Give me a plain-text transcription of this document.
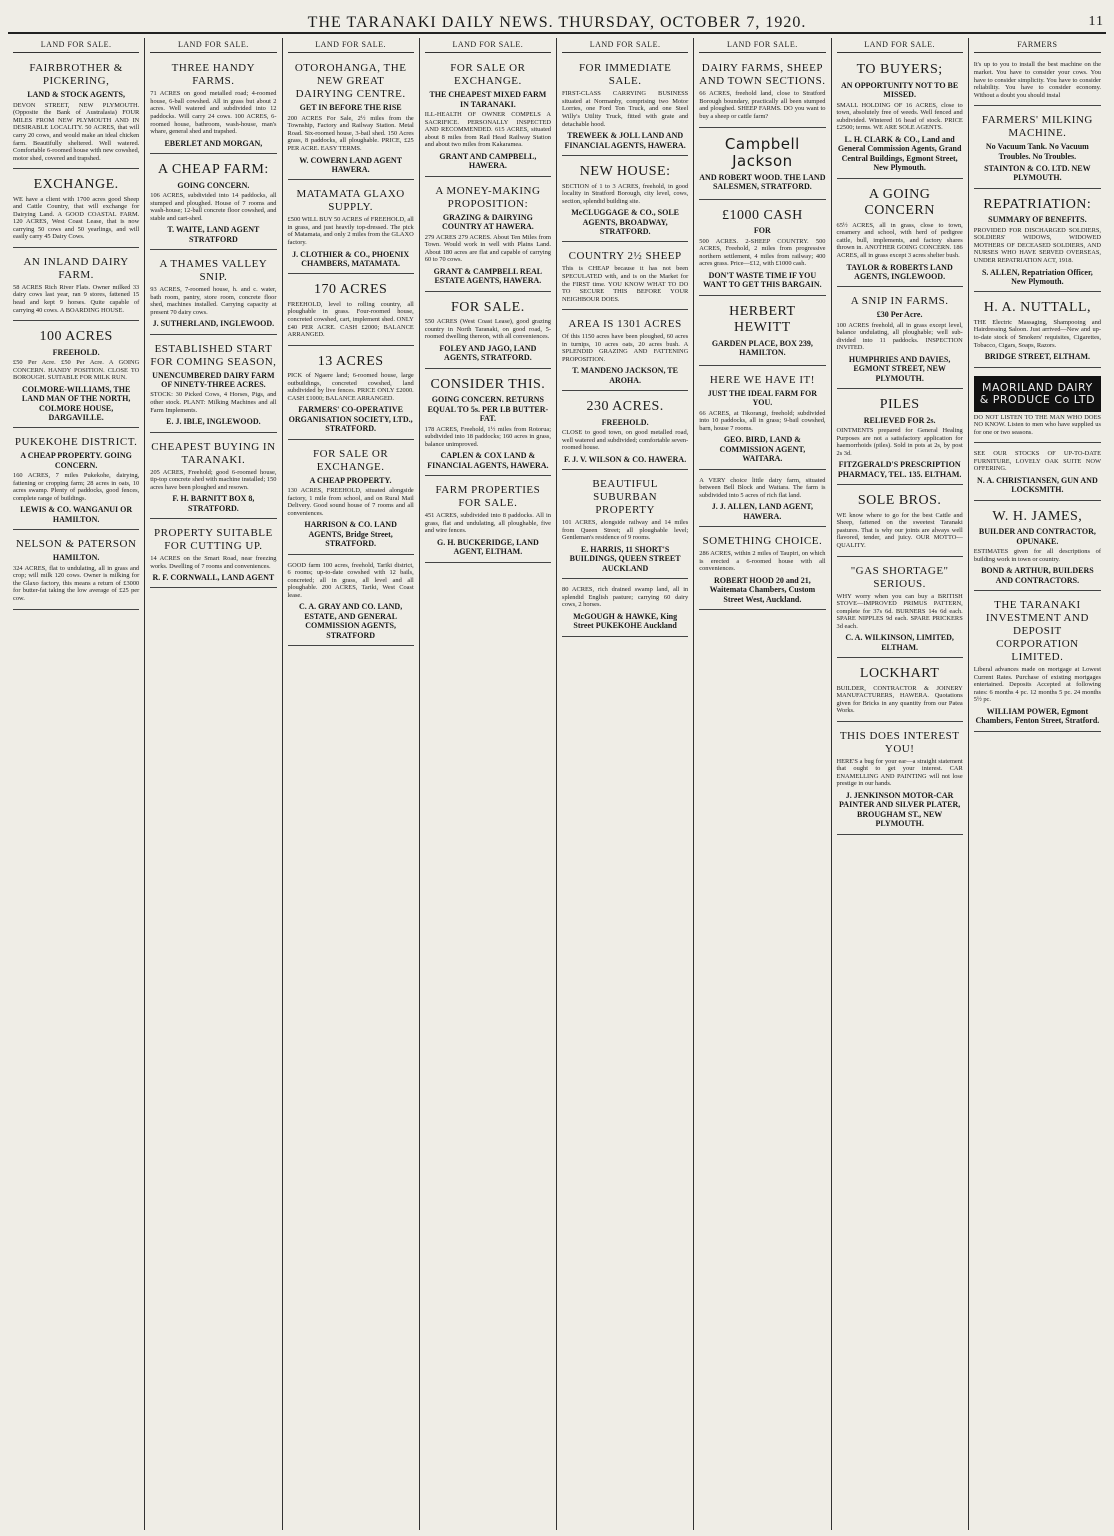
THE TARANAKI DAILY NEWS. THURSDAY, OCTOBER 7, 1920.	11
LAND FOR SALE.
FAIRBROTHER & PICKERING,
LAND & STOCK AGENTS,

DEVON STREET, NEW PLYMOUTH. (Opposite the Bank of Australasia) FOUR MILES FROM NEW PLYMOUTH AND IN DESIRABLE LOCALITY. 50 ACRES, that will carry 20 cows, and would make an ideal chicken farm. Beautifully sheltered. Well watered. Comfortable 6-roomed house with new cowshed, motor shed, covered and trapshed.

EXCHANGE.

WE have a client with 1700 acres good Sheep and Cattle Country, that will exchange for Dairying Land. A GOOD COASTAL FARM. 120 ACRES, West Coast Lease, that is now carrying 50 cows and 50 yearlings, and will easily carry 45 Dairy Cows.

AN INLAND DAIRY FARM.

58 ACRES Rich River Flats. Owner milked 33 dairy cows last year, ran 9 stores, fattened 15 head and kept 9 horses. Quite capable of carrying 40 cows. A BOARDING HOUSE.

100 ACRES
FREEHOLD.

£50 Per Acre. £50 Per Acre. A GOING CONCERN. HANDY POSITION. CLOSE TO BOROUGH. SUITABLE FOR MILK RUN.

COLMORE-WILLIAMS, THE LAND MAN OF THE NORTH, COLMORE HOUSE, DARGAVILLE.
PUKEKOHE DISTRICT.
A CHEAP PROPERTY. GOING CONCERN.

160 ACRES, 7 miles Pukekohe, dairying, fattening or cropping farm; 28 acres in oats, 10 acres swamp. Plenty of paddocks, good fences, complete range of buildings.

LEWIS & CO. WANGANUI OR HAMILTON.
NELSON & PATERSON
HAMILTON.

324 ACRES, flat to undulating, all in grass and crop; will milk 120 cows. Owner is milking for the Glaxo factory, this means a return of £3000 for butter-fat taking the low average of £25 per cow.

LAND FOR SALE.
THREE HANDY FARMS.

71 ACRES on good metalled road; 4-roomed house, 6-ball cowshed. All in grass but about 2 acres. Well watered and subdivided into 12 paddocks. Will carry 24 cows. 100 ACRES, 6-roomed house, bathroom, wash-house, man's whare, general shed and trapshed.

EBERLET AND MORGAN,
A CHEAP FARM:
GOING CONCERN.

106 ACRES, subdivided into 14 paddocks, all stumped and ploughed. House of 7 rooms and wash-house; 12-ball concrete floor cowshed, and stable and cart-shed.

T. WAITE, LAND AGENT STRATFORD
A THAMES VALLEY SNIP.

93 ACRES, 7-roomed house, h. and c. water, bath room, pantry, store room, concrete floor shed, machines installed. Carrying capacity at present 70 dairy cows.

J. SUTHERLAND, INGLEWOOD.
ESTABLISHED START FOR COMING SEASON,
UNENCUMBERED DAIRY FARM OF NINETY-THREE ACRES.

STOCK: 30 Picked Cows, 4 Horses, Pigs, and other stock. PLANT: Milking Machines and all Farm Implements.

E. J. IBLE, INGLEWOOD.
CHEAPEST BUYING IN TARANAKI.

205 ACRES, Freehold; good 6-roomed house, tip-top concrete shed with machine installed; 150 acres have been ploughed and resown.

F. H. BARNITT BOX 8, STRATFORD.
PROPERTY SUITABLE FOR CUTTING UP.

14 ACRES on the Smart Road, near freezing works. Dwelling of 7 rooms and conveniences.

R. F. CORNWALL, LAND AGENT
LAND FOR SALE.
OTOROHANGA, THE NEW GREAT DAIRYING CENTRE.
GET IN BEFORE THE RISE

200 ACRES For Sale, 2½ miles from the Township, Factory and Railway Station. Metal Road. Six-roomed house, 3-bail shed. 150 Acres grass, 8 paddocks, all ploughable. PRICE, £25 PER ACRE. EASY TERMS.

W. COWERN LAND AGENT HAWERA.
MATAMATA GLAXO SUPPLY.

£500 WILL BUY 50 ACRES of FREEHOLD, all in grass, and just heavily top-dressed. The pick of Matamata, and only 2 miles from the GLAXO factory.

J. CLOTHIER & CO., PHOENIX CHAMBERS, MATAMATA.
170 ACRES

FREEHOLD, level to rolling country, all ploughable in grass. Four-roomed house, concreted cowshed, cart, implement shed. ONLY £40 PER ACRE. CASH £2000; BALANCE ARRANGED.

13 ACRES

PICK of Ngaere land; 6-roomed house, large outbuildings, concreted cowshed, land subdivided by live fences. PRICE ONLY £2000. CASH £1000; BALANCE ARRANGED.

FARMERS' CO-OPERATIVE ORGANISATION SOCIETY, LTD., STRATFORD.
FOR SALE OR EXCHANGE.
A CHEAP PROPERTY.

130 ACRES, FREEHOLD, situated alongside factory, 1 mile from school, and on Rural Mail Delivery. Good sound house of 7 rooms and all conveniences.

HARRISON & CO. LAND AGENTS, Bridge Street, STRATFORD.

GOOD farm 100 acres, freehold, Tariki district, 6 rooms; up-to-date cowshed with 12 bails, concreted; all in grass, all level and all ploughable. 200 ACRES, Tariki, West Coast lease.

C. A. GRAY AND CO. LAND, ESTATE, AND GENERAL COMMISSION AGENTS, STRATFORD
LAND FOR SALE.
FOR SALE OR EXCHANGE.
THE CHEAPEST MIXED FARM IN TARANAKI.

ILL-HEALTH OF OWNER COMPELS A SACRIFICE. PERSONALLY INSPECTED AND RECOMMENDED. 615 ACRES, situated about 8 miles from Rail Head Railway Station and about two miles from Kakaramea.

GRANT AND CAMPBELL, HAWERA.
A MONEY-MAKING PROPOSITION:
GRAZING & DAIRYING COUNTRY AT HAWERA.

279 ACRES 279 ACRES. About Ten Miles from Town. Would work in well with Plains Land. About 180 acres are flat and capable of carrying 60 to 70 cows.

GRANT & CAMPBELL REAL ESTATE AGENTS, HAWERA.
FOR SALE.

550 ACRES (West Coast Lease), good grazing country in North Taranaki, on good road, 5-roomed dwelling thereon, with all conveniences.

FOLEY AND JAGO, LAND AGENTS, STRATFORD.
CONSIDER THIS.
GOING CONCERN. RETURNS EQUAL TO 5s. PER LB BUTTER-FAT.

178 ACRES, Freehold, 1½ miles from Rotorua; subdivided into 18 paddocks; 160 acres in grass, balance unimproved.

CAPLEN & COX LAND & FINANCIAL AGENTS, HAWERA.
FARM PROPERTIES FOR SALE.

451 ACRES, subdivided into 8 paddocks. All in grass, flat and undulating, all ploughable, five and wire fences.

G. H. BUCKERIDGE, LAND AGENT, ELTHAM.
LAND FOR SALE.
FOR IMMEDIATE SALE.

FIRST-CLASS CARRYING BUSINESS situated at Normanby, comprising two Motor Lorries, one Ford Ton Truck, and one Steel Willy's Utility Truck, fitted with grate and detachable hood.

TREWEEK & JOLL LAND AND FINANCIAL AGENTS, HAWERA.
NEW HOUSE:

SECTION of 1 to 3 ACRES, freehold, in good locality in Stratford Borough, city level, cows, section, splendid building site.

McCLUGGAGE & CO., SOLE AGENTS, BROADWAY, STRATFORD.
COUNTRY 2½ SHEEP

This is CHEAP because it has not been SPECULATED with, and is on the Market for the FIRST time. YOU KNOW WHAT TO DO TO SECURE THIS BEFORE YOUR NEIGHBOUR DOES.

AREA IS 1301 ACRES

Of this 1150 acres have been ploughed, 60 acres in turnips, 10 acres oats, 20 acres bush. A SPLENDID GRAZING AND FATTENING PROPOSITION.

T. MANDENO JACKSON, TE AROHA.
230 ACRES.
FREEHOLD.

CLOSE to good town, on good metalled road, well watered and subdivided; comfortable seven-roomed house.

F. J. V. WILSON & CO. HAWERA.
BEAUTIFUL SUBURBAN PROPERTY

101 ACRES, alongside railway and 14 miles from Queen Street; all ploughable level; Gentleman's residence of 9 rooms.

E. HARRIS, 11 SHORT'S BUILDINGS, QUEEN STREET AUCKLAND

80 ACRES, rich drained swamp land, all in splendid English pasture; carrying 60 dairy cows, 2 horses.

McGOUGH & HAWKE, King Street PUKEKOHE Auckland
LAND FOR SALE.
DAIRY FARMS, SHEEP AND TOWN SECTIONS.

66 ACRES, freehold land, close to Stratford Borough boundary, practically all been stumped and ploughed. SHEEP FARMS. DO you want to buy a sheep or cattle farm?

Campbell Jackson
AND ROBERT WOOD. THE LAND SALESMEN, STRATFORD.
£1000 CASH
FOR

500 ACRES. 2-SHEEP COUNTRY. 500 ACRES, Freehold, 2 miles from progressive northern settlement, 4 miles from railway; 400 acres grass. Price—£12, with £1000 cash.

DON'T WASTE TIME IF YOU WANT TO GET THIS BARGAIN.
HERBERT HEWITT
GARDEN PLACE, BOX 239, HAMILTON.
HERE WE HAVE IT!
JUST THE IDEAL FARM FOR YOU.

66 ACRES, at Tikorangi, freehold; subdivided into 10 paddocks, all in grass; 9-bail cowshed, barn, house 7 rooms.

GEO. BIRD, LAND & COMMISSION AGENT, WAITARA.

A VERY choice little dairy farm, situated between Bell Block and Waitara. The farm is subdivided into 5 acres of rich flat land.

J. J. ALLEN, LAND AGENT, HAWERA.
SOMETHING CHOICE.

286 ACRES, within 2 miles of Taupiri, on which is erected a 6-roomed house with all conveniences.

ROBERT HOOD 20 and 21, Waitemata Chambers, Custom Street West, Auckland.
LAND FOR SALE.
TO BUYERS;
AN OPPORTUNITY NOT TO BE MISSED.

SMALL HOLDING OF 16 ACRES, close to town, absolutely free of weeds. Well fenced and subdivided. Wintered 16 head of stock. PRICE £2500; terms. WE ARE SOLE AGENTS.

L. H. CLARK & CO., Land and General Commission Agents, Grand Central Buildings, Egmont Street, New Plymouth.
A GOING CONCERN

65½ ACRES, all in grass, close to town, creamery and school, with herd of pedigree cattle, bull, implements, and factory shares thrown in. ANOTHER GOING CONCERN. 186 ACRES, all in grass except 3 acres shelter bush.

TAYLOR & ROBERTS LAND AGENTS, INGLEWOOD.
A SNIP IN FARMS.
£30 Per Acre.

100 ACRES freehold, all in grass except level, balance undulating, all ploughable; well sub-divided into 11 paddocks. INSPECTION INVITED.

HUMPHRIES AND DAVIES, EGMONT STREET, NEW PLYMOUTH.
PILES
RELIEVED FOR 2s.

OINTMENTS prepared for General Healing Purposes are not a satisfactory application for haemorrhoids (piles). Sold in pots at 2s, by post 2s 3d.

FITZGERALD'S PRESCRIPTION PHARMACY, TEL. 135. ELTHAM.
SOLE BROS.

WE know where to go for the best Cattle and Sheep, fattened on the sweetest Taranaki pastures. That is why our joints are always well flavored, tender, and juicy. OUR MOTTO—QUALITY.

"GAS SHORTAGE" SERIOUS.

WHY worry when you can buy a BRITISH STOVE—IMPROVED PRIMUS PATTERN, complete for 37s 6d. BURNERS 14s 6d each. SPARE NIPPLES 9d each. SPARE PRICKERS 3d each.

C. A. WILKINSON, LIMITED, ELTHAM.
LOCKHART

BUILDER, CONTRACTOR & JOINERY MANUFACTURERS, HAWERA. Quotations given for Bricks in any quantity from our Patea Works.

THIS DOES INTEREST YOU!

HERE'S a bug for your ear—a straight statement that ought to get your interest. CAR ENAMELLING AND PAINTING will not lose prestige in our hands.

J. JENKINSON MOTOR-CAR PAINTER AND SILVER PLATER, BROUGHAM ST., NEW PLYMOUTH.
FARMERS

It's up to you to install the best machine on the market. You have to consider your cows. You have to consider simplicity. You have to consider reliability. You have to consider economy. Without a doubt you should instal

FARMERS' MILKING MACHINE.
No Vacuum Tank. No Vacuum Troubles. No Troubles.
STAINTON & CO. LTD. NEW PLYMOUTH.
REPATRIATION:
SUMMARY OF BENEFITS.

PROVIDED FOR DISCHARGED SOLDIERS, SOLDIERS' WIDOWS, WIDOWED MOTHERS OF DECEASED SOLDIERS, AND NURSES WHO HAVE SERVED OVERSEAS, UNDER REPATRIATION ACT, 1918.

S. ALLEN, Repatriation Officer, New Plymouth.
H. A. NUTTALL,

THE Electric Massaging, Shampooing and Hairdressing Saloon. Just arrived—New and up-to-date stock of Smokers' requisites, Cigarettes, Tobacco, Cigars, Soaps, Razors.

BRIDGE STREET, ELTHAM.
MAORILAND DAIRY & PRODUCE Co LTD

DO NOT LISTEN TO THE MAN WHO DOES NO KNOW. Listen to men who have supplied us for one or two seasons.

SEE OUR STOCKS OF UP-TO-DATE FURNITURE, LOVELY OAK SUITE NOW OFFERING.

N. A. CHRISTIANSEN, GUN AND LOCKSMITH.
W. H. JAMES,
BUILDER AND CONTRACTOR, OPUNAKE.

ESTIMATES given for all descriptions of building work in town or country.

BOND & ARTHUR, BUILDERS AND CONTRACTORS.
THE TARANAKI INVESTMENT AND DEPOSIT CORPORATION LIMITED.

Liberal advances made on mortgage at Lowest Current Rates. Purchase of existing mortgages entertained. Deposits Accepted at following rates: 6 months 4 pc. 12 months 5 pc. 24 months 5½ pc.

WILLIAM POWER, Egmont Chambers, Fenton Street, Stratford.
